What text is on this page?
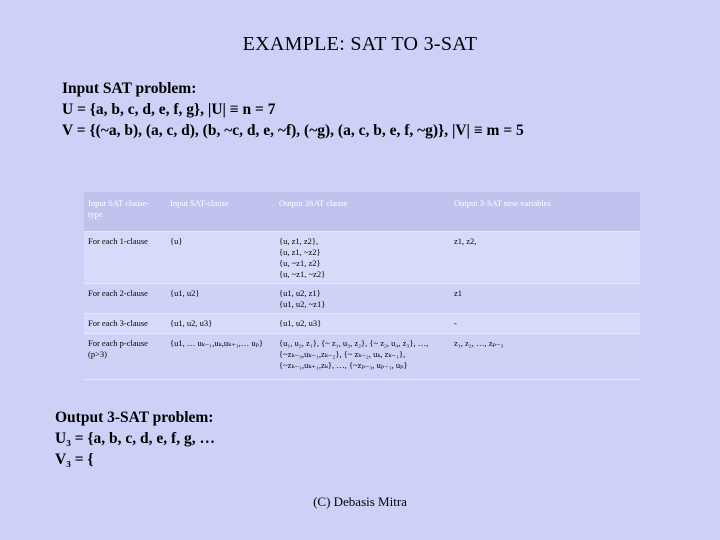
EXAMPLE: SAT TO 3-SAT
Input SAT problem:
U = {a, b, c, d, e, f, g}, |U| ≡ n = 7
V = {(~a, b), (a, c, d), (b, ~c, d, e, ~f), (~g), (a, c, b, e, f, ~g)}, |V| ≡ m = 5
Input SAT clause-type	Input SAT-clause	Output 3SAT clause	Output 3-SAT new variables
For each 1-clause	{u}	{u, z1, z2},
{u, z1, ~z2}
{u, ~z1, z2}
{u, ~z1, ~z2}	z1, z2,
For each 2-clause	{u1, u2}	{u1, u2, z1}
{u1, u2, ~z1}	z1
For each 3-clause	{u1, u2, u3}	{u1, u2, u3}	-
For each p-clause
(p>3)	{u1, … uₖ₋₁,uₖ,uₖ₊₁,… uₚ}	{u₁, u₂, z₁}, {~ z₁, u₃, z₂}, {~ z₂, u₄, z₃}, …,
{~zₖ₋₃,uₖ₋₁,zₖ₋₂}, {~ zₖ₋₂, uₖ, zₖ₋₁},{~zₖ₋₁,uₖ₊₁,zₖ}, …, {~zₚ₋₃, uₚ₋₁, uₚ}	z₁, z₂, …, zₚ₋₃
Output 3-SAT problem:
U₃ = {a, b, c, d, e, f, g, …
V₃ = {
(C) Debasis Mitra
